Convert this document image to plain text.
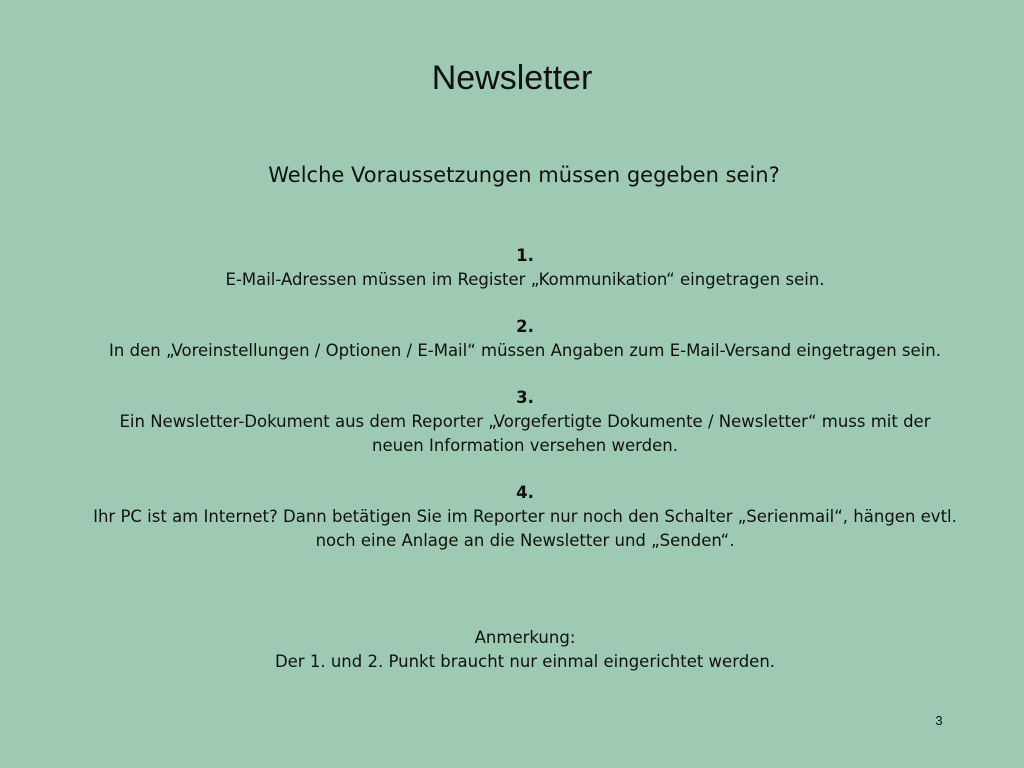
Newsletter
Welche Voraussetzungen müssen gegeben sein?
1.
E-Mail-Adressen müssen im Register „Kommunikation“ eingetragen sein.
2.
In den „Voreinstellungen / Optionen / E-Mail“ müssen Angaben zum E-Mail-Versand eingetragen sein.
3.
Ein Newsletter-Dokument aus dem Reporter „Vorgefertigte Dokumente / Newsletter“ muss mit der neuen Information versehen werden.
4.
Ihr PC ist am Internet? Dann betätigen Sie im Reporter nur noch den Schalter „Serienmail“, hängen evtl. noch eine Anlage an die Newsletter und „Senden“.
Anmerkung:
Der 1. und 2. Punkt braucht nur einmal eingerichtet werden.
3
